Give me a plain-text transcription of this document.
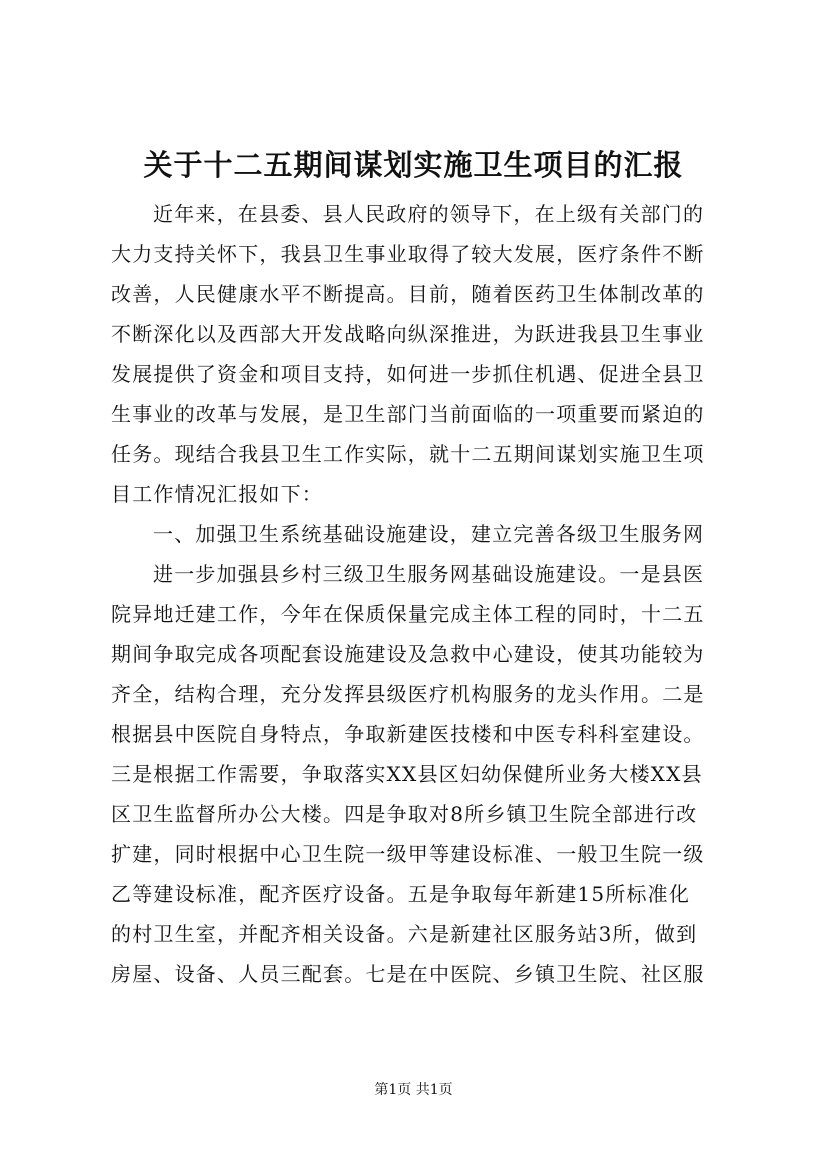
关于十二五期间谋划实施卫生项目的汇报
近年来，在县委、县人民政府的领导下，在上级有关部门的
大力支持关怀下，我县卫生事业取得了较大发展，医疗条件不断
改善，人民健康水平不断提高。目前，随着医药卫生体制改革的
不断深化以及西部大开发战略向纵深推进，为跃进我县卫生事业
发展提供了资金和项目支持，如何进一步抓住机遇、促进全县卫
生事业的改革与发展，是卫生部门当前面临的一项重要而紧迫的
任务。现结合我县卫生工作实际，就十二五期间谋划实施卫生项
目工作情况汇报如下：
一、加强卫生系统基础设施建设，建立完善各级卫生服务网
进一步加强县乡村三级卫生服务网基础设施建设。一是县医
院异地迁建工作，今年在保质保量完成主体工程的同时，十二五
期间争取完成各项配套设施建设及急救中心建设，使其功能较为
齐全，结构合理，充分发挥县级医疗机构服务的龙头作用。二是
根据县中医院自身特点，争取新建医技楼和中医专科科室建设。
三是根据工作需要，争取落实XX县区妇幼保健所业务大楼XX县
区卫生监督所办公大楼。四是争取对8所乡镇卫生院全部进行改
扩建，同时根据中心卫生院一级甲等建设标准、一般卫生院一级
乙等建设标准，配齐医疗设备。五是争取每年新建15所标准化
的村卫生室，并配齐相关设备。六是新建社区服务站3所，做到
房屋、设备、人员三配套。七是在中医院、乡镇卫生院、社区服
第1页 共1页
